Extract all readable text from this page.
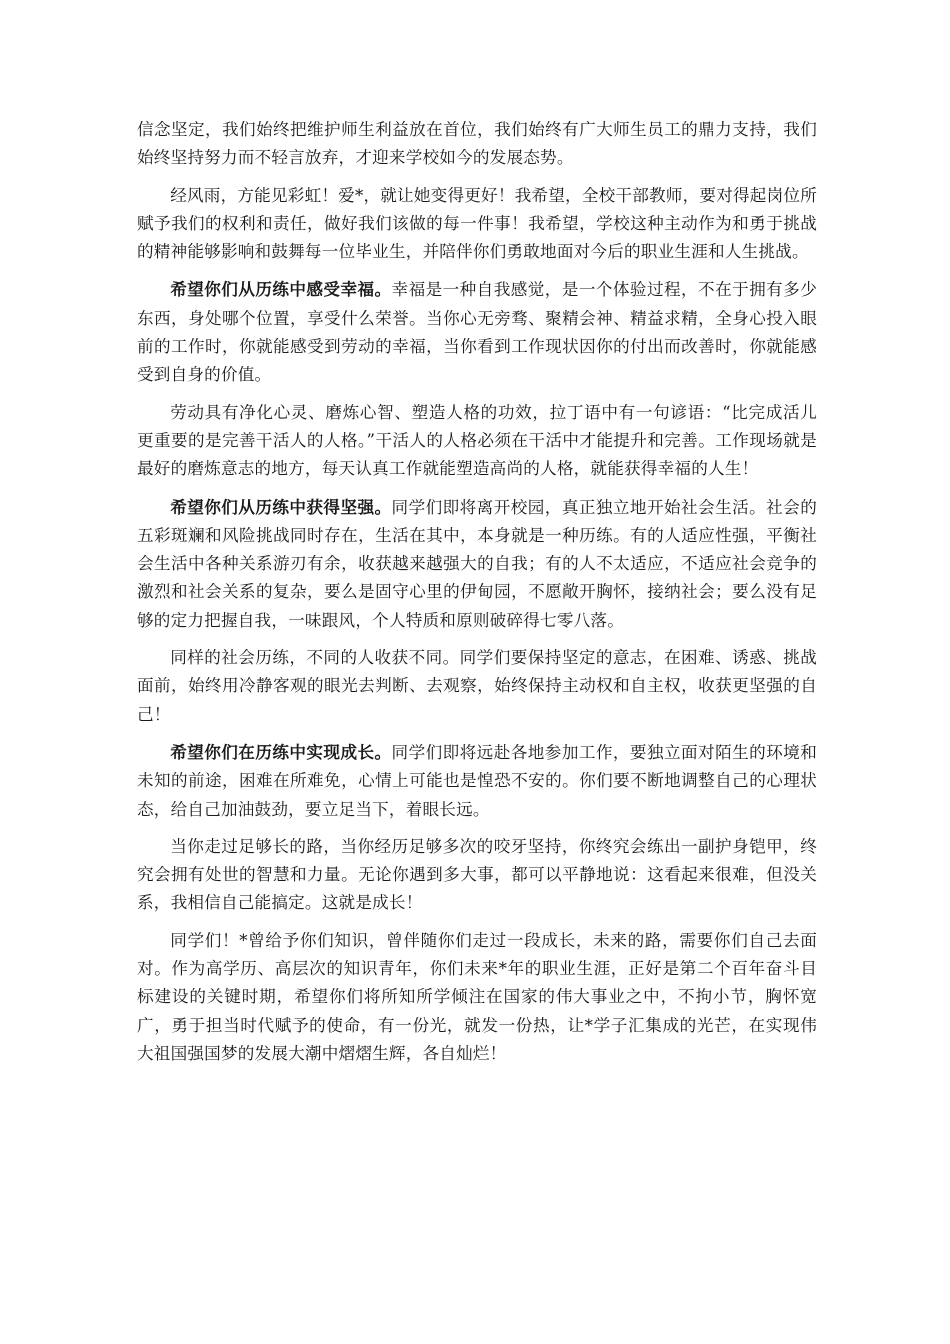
信念坚定，我们始终把维护师生利益放在首位，我们始终有广大师生员工的鼎力支持，我们始终坚持努力而不轻言放弃，才迎来学校如今的发展态势。

经风雨，方能见彩虹！爱*，就让她变得更好！我希望，全校干部教师，要对得起岗位所赋予我们的权利和责任，做好我们该做的每一件事！我希望，学校这种主动作为和勇于挑战的精神能够影响和鼓舞每一位毕业生，并陪伴你们勇敢地面对今后的职业生涯和人生挑战。

希望你们从历练中感受幸福。幸福是一种自我感觉，是一个体验过程，不在于拥有多少东西，身处哪个位置，享受什么荣誉。当你心无旁骛、聚精会神、精益求精，全身心投入眼前的工作时，你就能感受到劳动的幸福，当你看到工作现状因你的付出而改善时，你就能感受到自身的价值。

劳动具有净化心灵、磨炼心智、塑造人格的功效，拉丁语中有一句谚语：“比完成活儿更重要的是完善干活人的人格。”干活人的人格必须在干活中才能提升和完善。工作现场就是最好的磨炼意志的地方，每天认真工作就能塑造高尚的人格，就能获得幸福的人生！

希望你们从历练中获得坚强。同学们即将离开校园，真正独立地开始社会生活。社会的五彩斑斓和风险挑战同时存在，生活在其中，本身就是一种历练。有的人适应性强，平衡社会生活中各种关系游刃有余，收获越来越强大的自我；有的人不太适应，不适应社会竞争的激烈和社会关系的复杂，要么是固守心里的伊甸园，不愿敞开胸怀，接纳社会；要么没有足够的定力把握自我，一味跟风，个人特质和原则破碎得七零八落。

同样的社会历练，不同的人收获不同。同学们要保持坚定的意志，在困难、诱惑、挑战面前，始终用冷静客观的眼光去判断、去观察，始终保持主动权和自主权，收获更坚强的自己！

希望你们在历练中实现成长。同学们即将远赴各地参加工作，要独立面对陌生的环境和未知的前途，困难在所难免，心情上可能也是惶恐不安的。你们要不断地调整自己的心理状态，给自己加油鼓劲，要立足当下，着眼长远。

当你走过足够长的路，当你经历足够多次的咬牙坚持，你终究会练出一副护身铠甲，终究会拥有处世的智慧和力量。无论你遇到多大事，都可以平静地说：这看起来很难，但没关系，我相信自己能搞定。这就是成长！

同学们！*曾给予你们知识，曾伴随你们走过一段成长，未来的路，需要你们自己去面对。作为高学历、高层次的知识青年，你们未来*年的职业生涯，正好是第二个百年奋斗目标建设的关键时期，希望你们将所知所学倾注在国家的伟大事业之中，不拘小节，胸怀宽广，勇于担当时代赋予的使命，有一份光，就发一份热，让*学子汇集成的光芒，在实现伟大祖国强国梦的发展大潮中熠熠生辉，各自灿烂！
